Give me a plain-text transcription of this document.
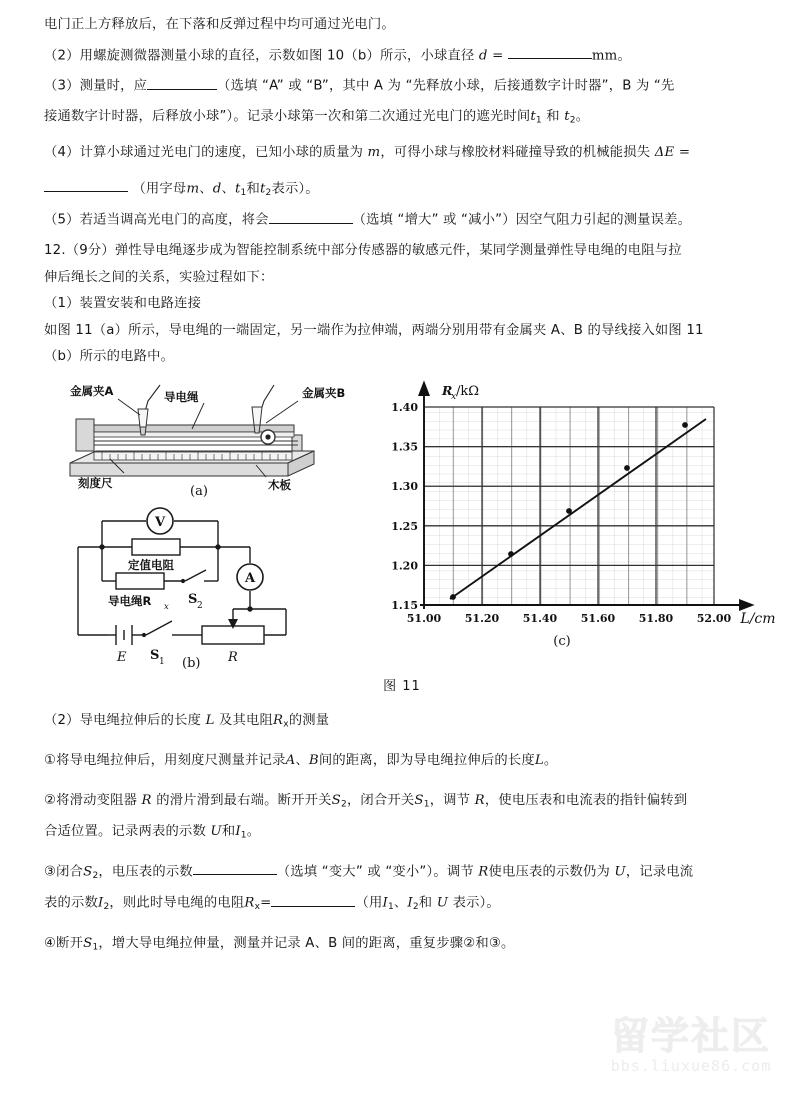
电门正上方释放后，在下落和反弹过程中均可通过光电门。

（2）用螺旋测微器测量小球的直径，示数如图 10（b）所示，小球直径 d =	mm。

（3）测量时，应	（选填 “A” 或 “B”，其中 A 为 “先释放小球，后接通数字计时器”，B 为 “先

接通数字计时器，后释放小球”）。记录小球第一次和第二次通过光电门的遮光时间$t_1$ 和 $t_2$。

（4）计算小球通过光电门的速度，已知小球的质量为 m，可得小球与橡胶材料碰撞导致的机械能损失 ΔE =

（用字母m、d、$t_1$和$t_2$表示）。

（5）若适当调高光电门的高度，将会	（选填 “增大” 或 “减小”）因空气阻力引起的测量误差。

12.（9分）弹性导电绳逐步成为智能控制系统中部分传感器的敏感元件，某同学测量弹性导电绳的电阻与拉

伸后绳长之间的关系，实验过程如下：

（1）装置安装和电路连接

如图 11（a）所示，导电绳的一端固定，另一端作为拉伸端，两端分别用带有金属夹 A、B 的导线接入如图 11

（b）所示的电路中。

金属夹A	导电绳	金属夹B
刻度尺	木板
(a)
V
A
定值电阻
导电绳R x S 2
E S 1	R
(b)
R
x /kΩ
1.15
1.20
1.25
1.30
1.35
1.40
51.00 51.20 51.40 51.60 51.80 52.00 L/cm
(c)

图 11

（2）导电绳拉伸后的长度 L 及其电阻$R_x$的测量

①将导电绳拉伸后，用刻度尺测量并记录A、B间的距离，即为导电绳拉伸后的长度L。

②将滑动变阻器 R 的滑片滑到最右端。断开开关$S_2$，闭合开关$S_1$，调节 R，使电压表和电流表的指针偏转到

合适位置。记录两表的示数 U和$I_1$。

③闭合$S_2$，电压表的示数	（选填 “变大” 或 “变小”）。调节 R使电压表的示数仍为 U，记录电流

表的示数$I_2$，则此时导电绳的电阻$R_x=$	（用$I_1$、$I_2$和 U 表示）。

④断开$S_1$，增大导电绳拉伸量，测量并记录 A、B 间的距离，重复步骤②和③。

留学社区
bbs.liuxue86.com
